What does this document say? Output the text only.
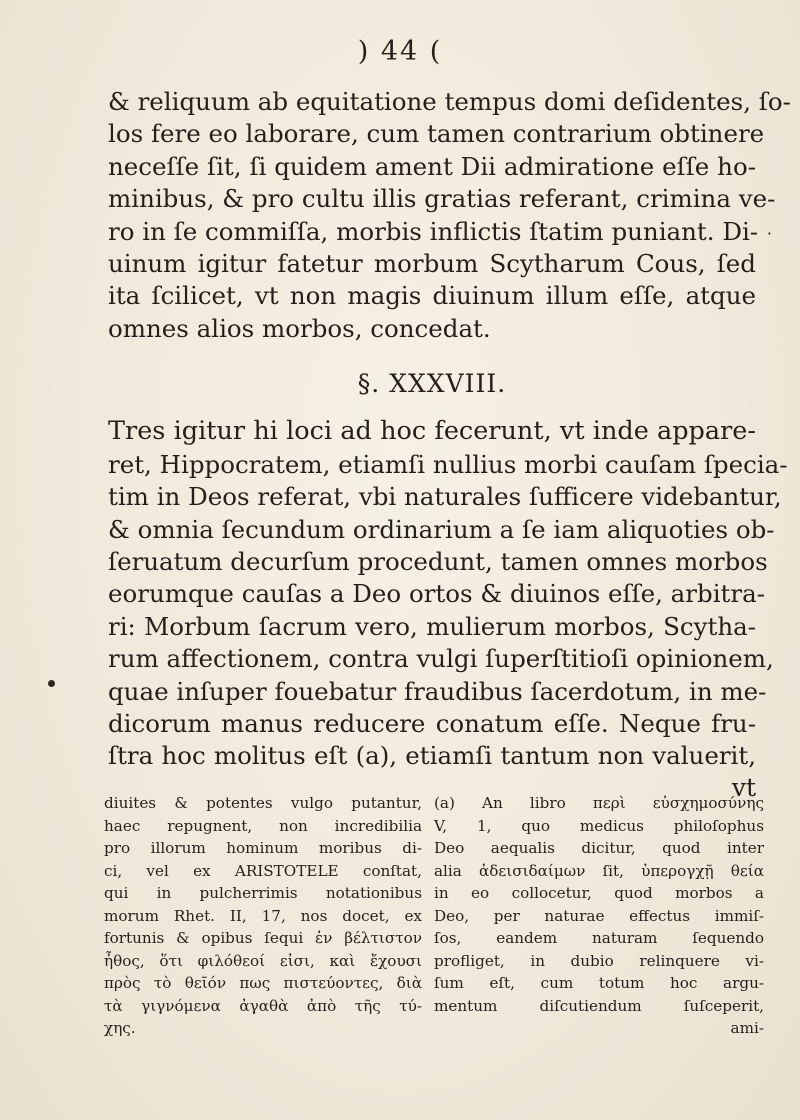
) 44 (
·
& reliquum ab equitatione tempus domi deſidentes, ſo-
los fere eo laborare, cum tamen contrarium obtinere
neceſſe ſit, ſi quidem ament Dii admiratione eſſe ho-
minibus, & pro cultu illis gratias referant, crimina ve-
ro in ſe commiſſa, morbis inflictis ſtatim puniant. Di-
uinum igitur fatetur morbum Scytharum Cous, ſed
ita ſcilicet, vt non magis diuinum illum eſſe, atque
omnes alios morbos, concedat.
§. XXXVIII.
Tres igitur hi loci ad hoc fecerunt, vt inde appare-
ret, Hippocratem, etiamſi nullius morbi cauſam ſpecia-
tim in Deos referat, vbi naturales ſufficere videbantur,
& omnia ſecundum ordinarium a ſe iam aliquoties ob-
ſeruatum decurſum procedunt, tamen omnes morbos
eorumque cauſas a Deo ortos & diuinos eſſe, arbitra-
ri: Morbum ſacrum vero, mulierum morbos, Scytha-
rum affectionem, contra vulgi ſuperſtitioſi opinionem,
quae inſuper fouebatur fraudibus ſacerdotum, in me-
dicorum manus reducere conatum eſſe. Neque fru-
ſtra hoc molitus eſt (a), etiamſi tantum non valuerit,
vt
diuites & potentes vulgo putantur,
haec repugnent, non incredibilia
pro illorum hominum moribus di-
ci, vel ex ARISTOTELE conſtat,
qui in pulcherrimis notationibus
morum Rhet. II, 17, nos docet, ex
fortunis & opibus ſequi ἐν βέλτιστον
ἦθος, ὅτι φιλόθεοί εἰσι, καὶ ἔχουσι
πρὸς τὸ θεῖόν πως πιστεύοντες, διὰ
τὰ γιγνόμενα ἀγαθὰ ἀπὸ τῆς τύ-
χης.
(a) An libro περὶ εὐσχημοσύνης
V, 1, quo medicus philoſophus
Deo aequalis dicitur, quod inter
alia ἀδεισιδαίμων ſit, ὑπερογχῇ θεία
in eo collocetur, quod morbos a
Deo, per naturae effectus immiſ-
ſos, eandem naturam ſequendo
profliget, in dubio relinquere vi-
ſum eſt, cum totum hoc argu-
mentum diſcutiendum ſuſceperit,
ami-
